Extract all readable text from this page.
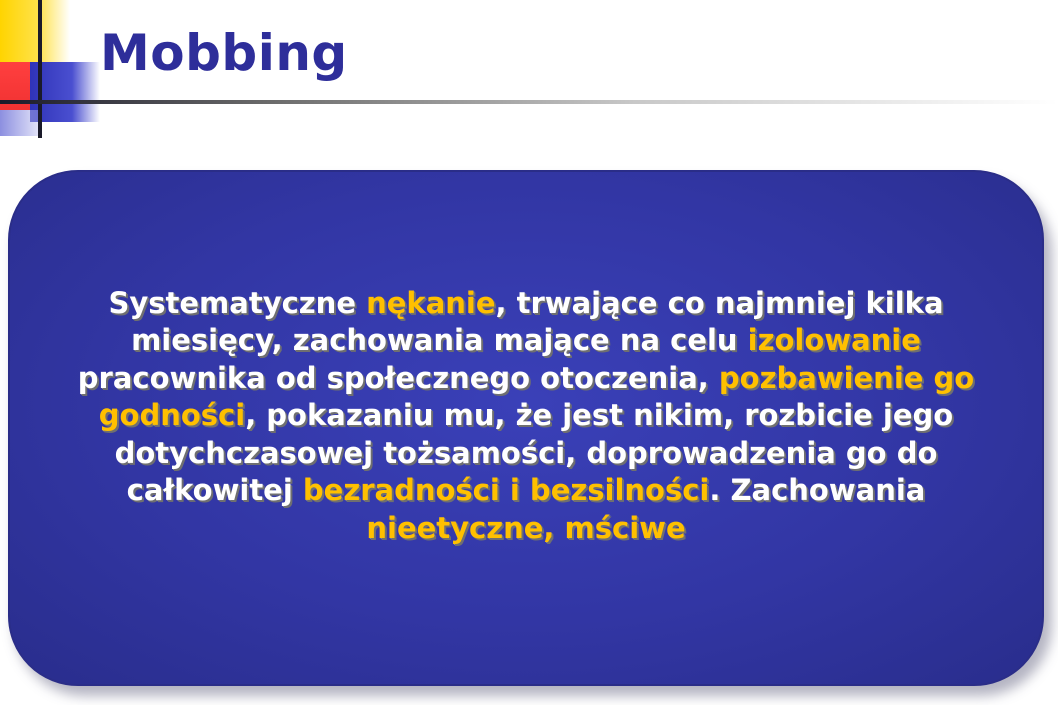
Mobbing

Systematyczne nękanie, trwające co najmniej kilka miesięcy, zachowania mające na celu izolowanie pracownika od społecznego otoczenia, pozbawienie go godności, pokazaniu mu, że jest nikim, rozbicie jego dotychczasowej tożsamości, doprowadzenia go do całkowitej bezradności i bezsilności. Zachowania nieetyczne, mściwe
